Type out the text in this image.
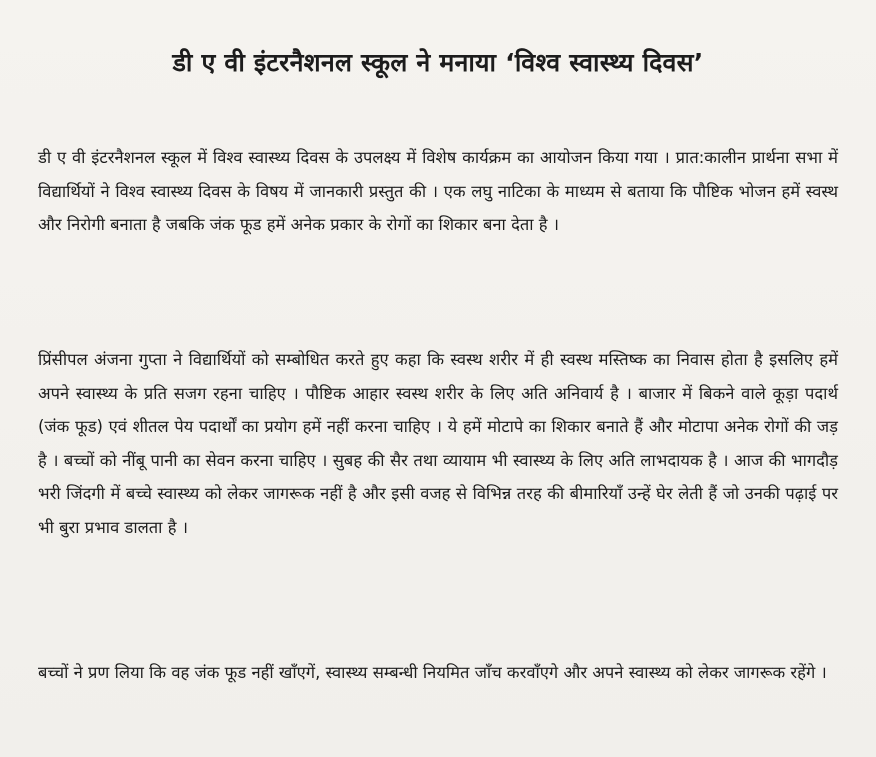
डी ए वी इंटरनैशनल स्कूल ने मनाया ‘विश्व स्वास्थ्य दिवस’

डी ए वी इंटरनैशनल स्कूल में विश्व स्वास्थ्य दिवस के उपलक्ष्य में विशेष कार्यक्रम का आयोजन किया गया । प्रात:कालीन प्रार्थना सभा में विद्यार्थियों ने विश्व स्वास्थ्य दिवस के विषय में जानकारी प्रस्तुत की । एक लघु नाटिका के माध्यम से बताया कि पौष्टिक भोजन हमें स्वस्थ और निरोगी बनाता है जबकि जंक फूड हमें अनेक प्रकार के रोगों का शिकार बना देता है ।

प्रिंसीपल अंजना गुप्ता ने विद्यार्थियों को सम्बोधित करते हुए कहा कि स्वस्थ शरीर में ही स्वस्थ मस्तिष्क का निवास होता है इसलिए हमें अपने स्वास्थ्य के प्रति सजग रहना चाहिए । पौष्टिक आहार स्वस्थ शरीर के लिए अति अनिवार्य है । बाजार में बिकने वाले कूड़ा पदार्थ (जंक फूड) एवं शीतल पेय पदार्थों का प्रयोग हमें नहीं करना चाहिए । ये हमें मोटापे का शिकार बनाते हैं और मोटापा अनेक रोगों की जड़ है । बच्चों को नींबू पानी का सेवन करना चाहिए । सुबह की सैर तथा व्यायाम भी स्वास्थ्य के लिए अति लाभदायक है । आज की भागदौड़ भरी जिंदगी में बच्चे स्वास्थ्य को लेकर जागरूक नहीं है और इसी वजह से विभिन्न तरह की बीमारियाँ उन्हें घेर लेती हैं जो उनकी पढ़ाई पर भी बुरा प्रभाव डालता है ।

बच्चों ने प्रण लिया कि वह जंक फूड नहीं खाँएगें, स्वास्थ्य सम्बन्धी नियमित जाँच करवाँएगे और अपने स्वास्थ्य को लेकर जागरूक रहेंगे ।
